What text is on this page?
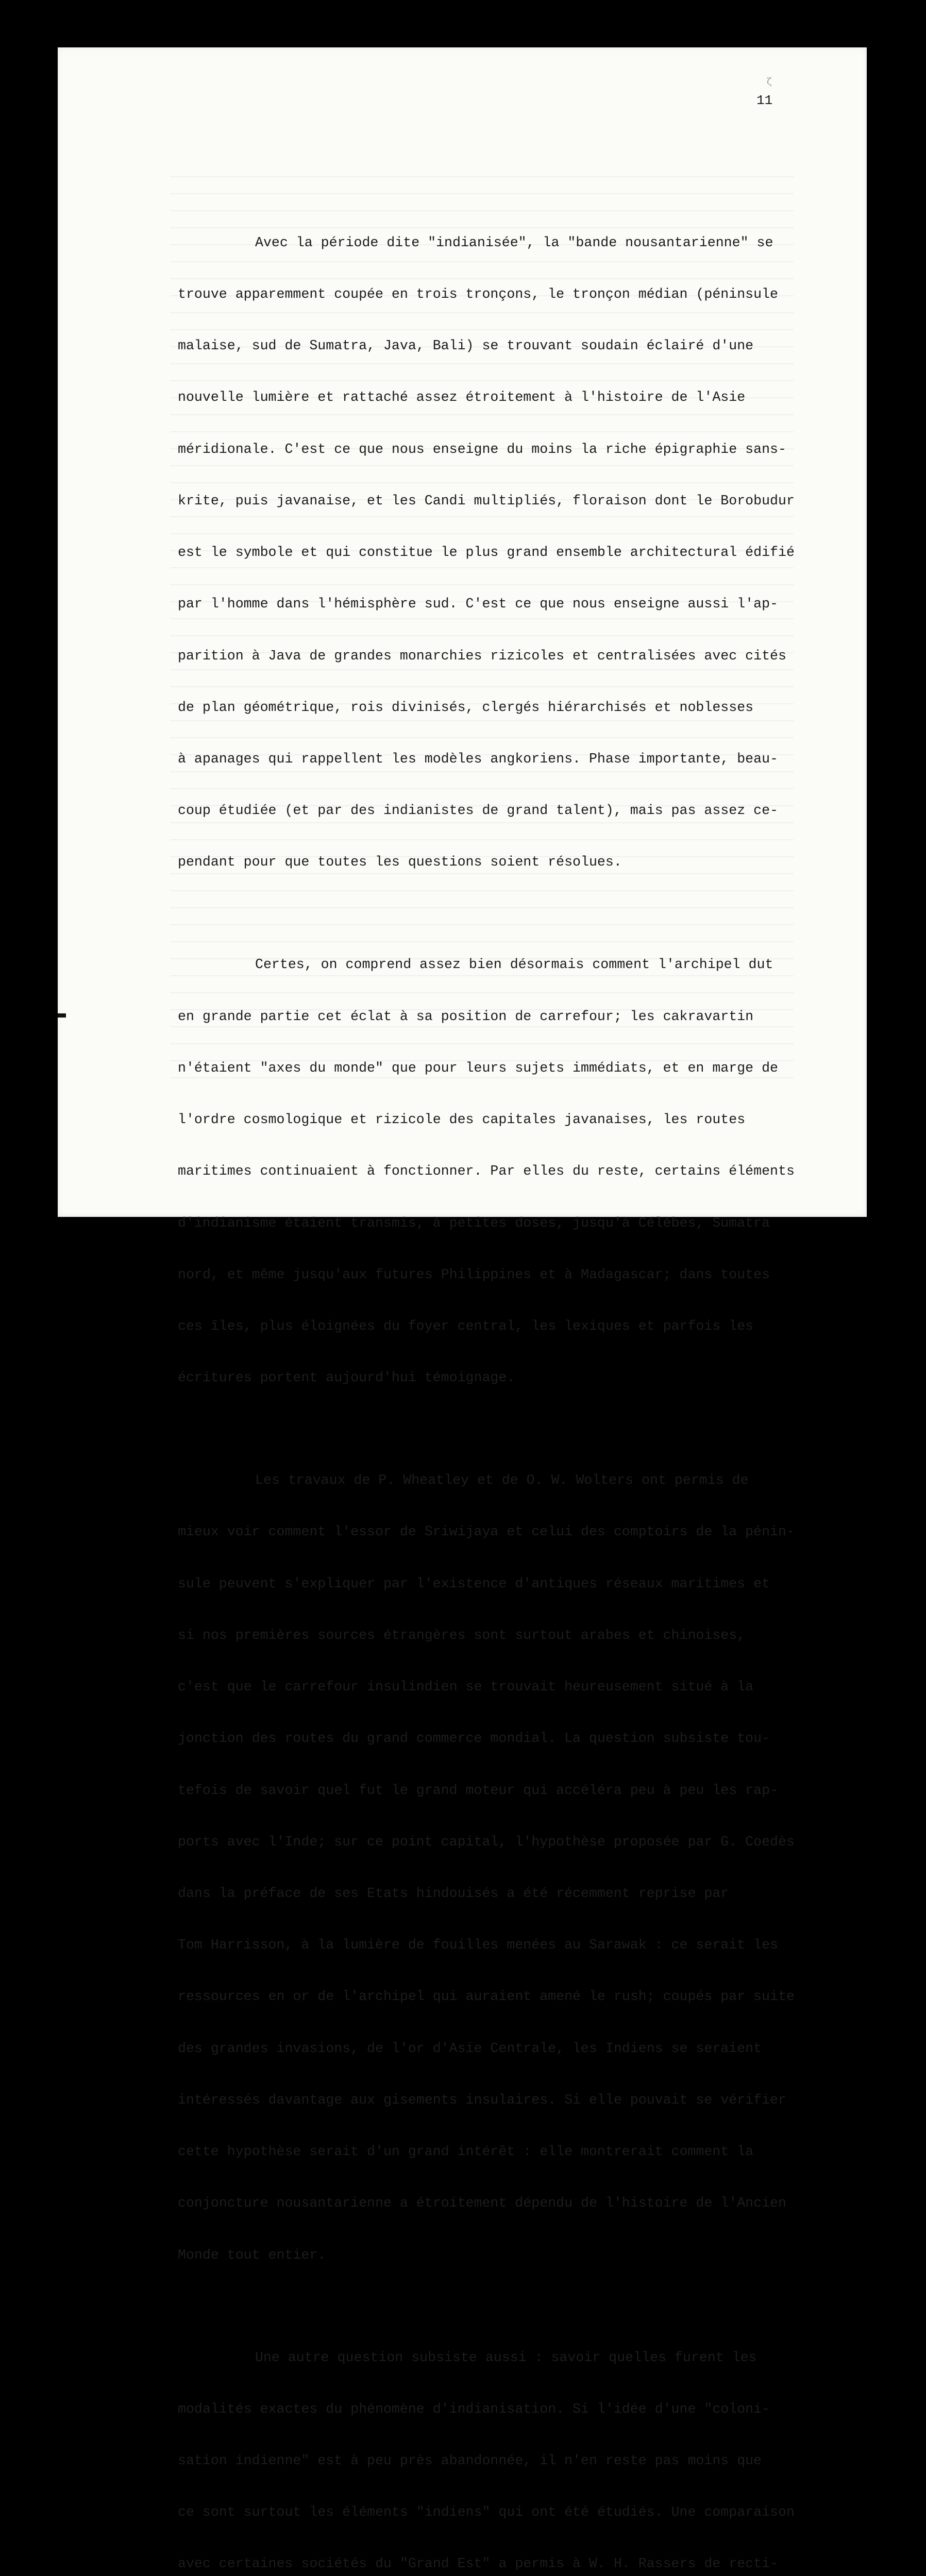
ζ
11

Avec la période dite "indianisée", la "bande nousantarienne" se

trouve apparemment coupée en trois tronçons, le tronçon médian (péninsule

malaise, sud de Sumatra, Java, Bali) se trouvant soudain éclairé d'une

nouvelle lumière et rattaché assez étroitement à l'histoire de l'Asie

méridionale. C'est ce que nous enseigne du moins la riche épigraphie sans-

krite, puis javanaise, et les Candi multipliés, floraison dont le Borobudur

est le symbole et qui constitue le plus grand ensemble architectural édifié

par l'homme dans l'hémisphère sud. C'est ce que nous enseigne aussi l'ap-

parition à Java de grandes monarchies rizicoles et centralisées avec cités

de plan géométrique, rois divinisés, clergés hiérarchisés et noblesses

à apanages qui rappellent les modèles angkoriens. Phase importante, beau-

coup étudiée (et par des indianistes de grand talent), mais pas assez ce-

pendant pour que toutes les questions soient résolues.

Certes, on comprend assez bien désormais comment l'archipel dut

en grande partie cet éclat à sa position de carrefour; les cakravartin

n'étaient "axes du monde" que pour leurs sujets immédiats, et en marge de

l'ordre cosmologique et rizicole des capitales javanaises, les routes

maritimes continuaient à fonctionner. Par elles du reste, certains éléments

d'indianisme étaient transmis, à petites doses, jusqu'à Célèbes, Sumatra

nord, et même jusqu'aux futures Philippines et à Madagascar; dans toutes

ces îles, plus éloignées du foyer central, les lexiques et parfois les

écritures portent aujourd'hui témoignage.

Les travaux de P. Wheatley et de O. W. Wolters ont permis de

mieux voir comment l'essor de Sriwijaya et celui des comptoirs de la pénin-

sule peuvent s'expliquer par l'existence d'antiques réseaux maritimes et

si nos premières sources étrangères sont surtout arabes et chinoises,

c'est que le carrefour insulindien se trouvait heureusement situé à la

jonction des routes du grand commerce mondial. La question subsiste tou-

tefois de savoir quel fut le grand moteur qui accéléra peu à peu les rap-

ports avec l'Inde; sur ce point capital, l'hypothèse proposée par G. Coedès

dans la préface de ses Etats hindouisés a été récemment reprise par

Tom Harrisson, à la lumière de fouilles menées au Sarawak : ce serait les

ressources en or de l'archipel qui auraient amené le rush; coupés par suite

des grandes invasions, de l'or d'Asie Centrale, les Indiens se seraient

intéressés davantage aux gisements insulaires. Si elle pouvait se vérifier

cette hypothèse serait d'un grand intérêt : elle montrerait comment la

conjoncture nousantarienne a étroitement dépendu de l'histoire de l'Ancien

Monde tout entier.

Une autre question subsiste aussi : savoir quelles furent les

modalités exactes du phénomène d'indianisation. Si l'idée d'une "coloni-

sation indienne" est à peu près abandonnée, il n'en reste pas moins que

ce sont surtout les éléments "indiens" qui ont été étudiés. Une comparaison

avec certaines sociétés du "Grand Est" a permis à W. H. Rassers de recti-
